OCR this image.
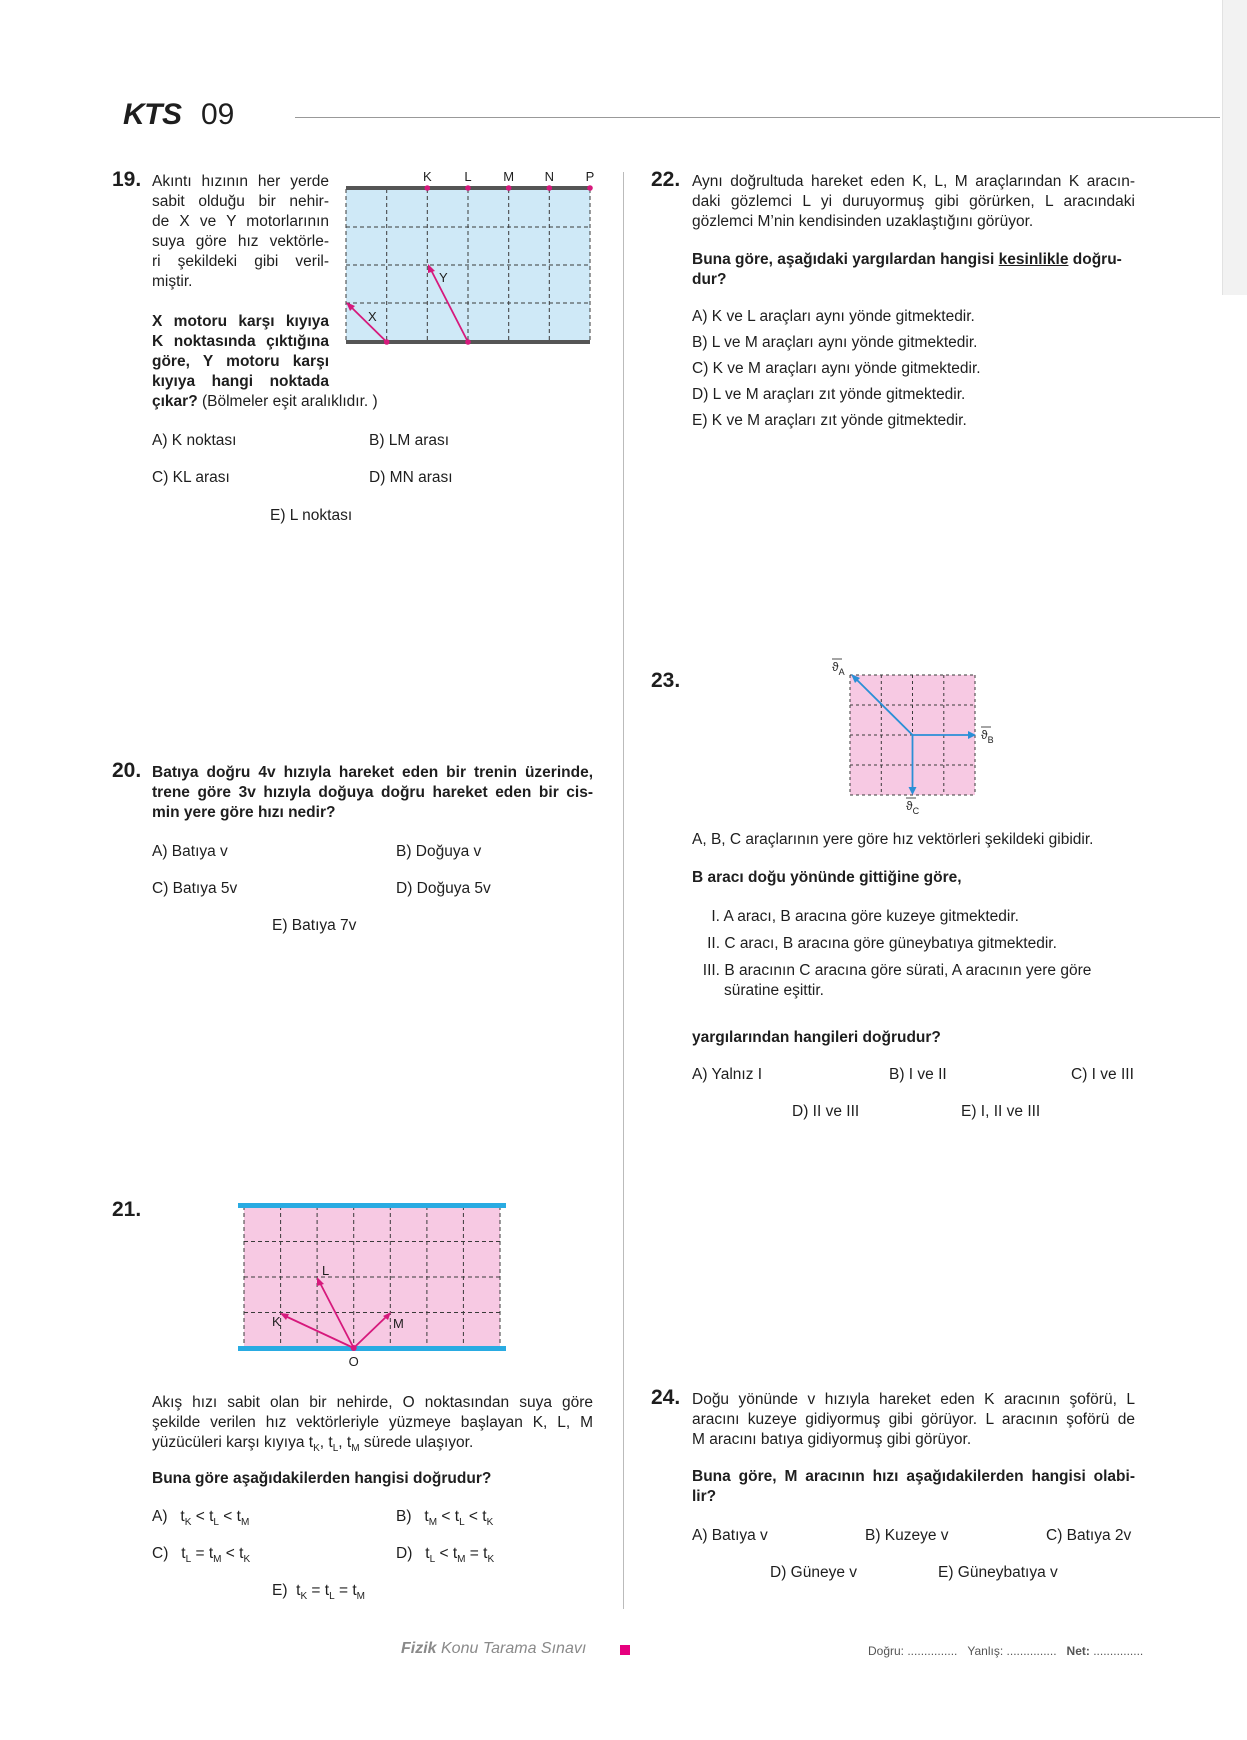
KTS 09
19. Akıntı hızının her yerde
sabit olduğu bir nehir-
de X ve Y motorlarının
suya göre hız vektörle-
ri şekildeki gibi veril-
miştir.
X motoru karşı kıyıya
K noktasında çıktığına
göre, Y motoru karşı
kıyıya hangi noktada
çıkar? (Bölmeler eşit aralıklıdır. )
K	L M N P
X
Y
A) K noktası	B) LM arası
C) KL arası	D) MN arası
E) L noktası
20. Batıya doğru 4v hızıyla hareket eden bir trenin üzerinde,
trene göre 3v hızıyla doğuya doğru hareket eden bir cis-
min yere göre hızı nedir?
A) Batıya v	B) Doğuya v
C) Batıya 5v	D) Doğuya 5v
E) Batıya 7v
21.
K
L
M
O
Akış hızı sabit olan bir nehirde, O noktasından suya göre
şekilde verilen hız vektörleriyle yüzmeye başlayan K, L, M
yüzücüleri karşı kıyıya $t_K$, $t_L$, $t_M$ sürede ulaşıyor.
Buna göre aşağıdakilerden hangisi doğrudur?
A) $t_K < t_L < t_M$	B) $t_M < t_L < t_K$
C) $t_L = t_M < t_K$	D) $t_L < t_M = t_K$
E) $t_K = t_L = t_M$
22. Aynı doğrultuda hareket eden K, L, M araçlarından K aracın-
daki gözlemci L yi duruyormuş gibi görürken, L aracındaki
gözlemci M’nin kendisinden uzaklaştığını görüyor.
Buna göre, aşağıdaki yargılardan hangisi kesinlikle doğru-
dur?
A) K ve L araçları aynı yönde gitmektedir.
B) L ve M araçları aynı yönde gitmektedir.
C) K ve M araçları aynı yönde gitmektedir.
D) L ve M araçları zıt yönde gitmektedir.
E) K ve M araçları zıt yönde gitmektedir.
23.
$ϑ_A$
$ϑ_B$
$ϑ_C$
A, B, C araçlarının yere göre hız vektörleri şekildeki gibidir.
B aracı doğu yönünde gittiğine göre,
I. A aracı, B aracına göre kuzeye gitmektedir.
II. C aracı, B aracına göre güneybatıya gitmektedir.
III. B aracının C aracına göre sürati, A aracının yere göre
süratine eşittir.
yargılarından hangileri doğrudur?
A) Yalnız I	B) I ve II	C) I ve III
D) II ve III	E) I, II ve III
24. Doğu yönünde v hızıyla hareket eden K aracının şoförü, L
aracını kuzeye gidiyormuş gibi görüyor. L aracının şoförü de
M aracını batıya gidiyormuş gibi görüyor.
Buna göre, M aracının hızı aşağıdakilerden hangisi olabi-
lir?
A) Batıya v	B) Kuzeye v	C) Batıya 2v
D) Güneye v	E) Güneybatıya v
Fizik Konu Tarama Sınavı	Doğru: ............... Yanlış: ............... Net: ...............
